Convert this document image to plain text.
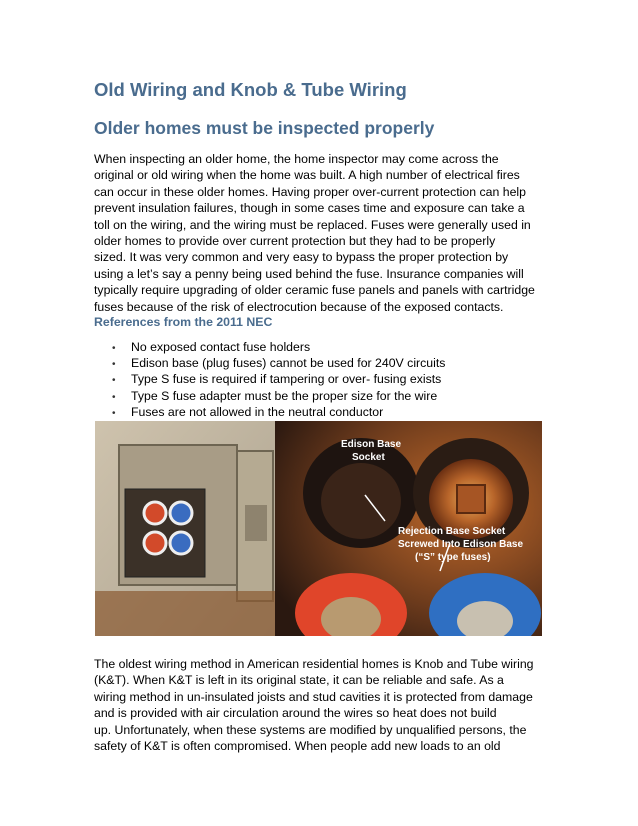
Old Wiring and Knob & Tube Wiring
Older homes must be inspected properly
When inspecting an older home, the home inspector may come across the
original or old wiring when the home was built. A high number of electrical fires
can occur in these older homes. Having proper over-current protection can help
prevent insulation failures, though in some cases time and exposure can take a
toll on the wiring, and the wiring must be replaced. Fuses were generally used in
older homes to provide over current protection but they had to be properly
sized. It was very common and very easy to bypass the proper protection by
using a let’s say a penny being used behind the fuse. Insurance companies will
typically require upgrading of older ceramic fuse panels and panels with cartridge
fuses because of the risk of electrocution because of the exposed contacts.
References from the 2011 NEC
• No exposed contact fuse holders
• Edison base (plug fuses) cannot be used for 240V circuits
• Type S fuse is required if tampering or over- fusing exists
• Type S fuse adapter must be the proper size for the wire
• Fuses are not allowed in the neutral conductor
Edison Base
Socket
Rejection Base Socket
Screwed Into Edison Base
(“S” type fuses)
The oldest wiring method in American residential homes is Knob and Tube wiring
(K&T). When K&T is left in its original state, it can be reliable and safe. As a
wiring method in un-insulated joists and stud cavities it is protected from damage
and is provided with air circulation around the wires so heat does not build
up. Unfortunately, when these systems are modified by unqualified persons, the
safety of K&T is often compromised. When people add new loads to an old
